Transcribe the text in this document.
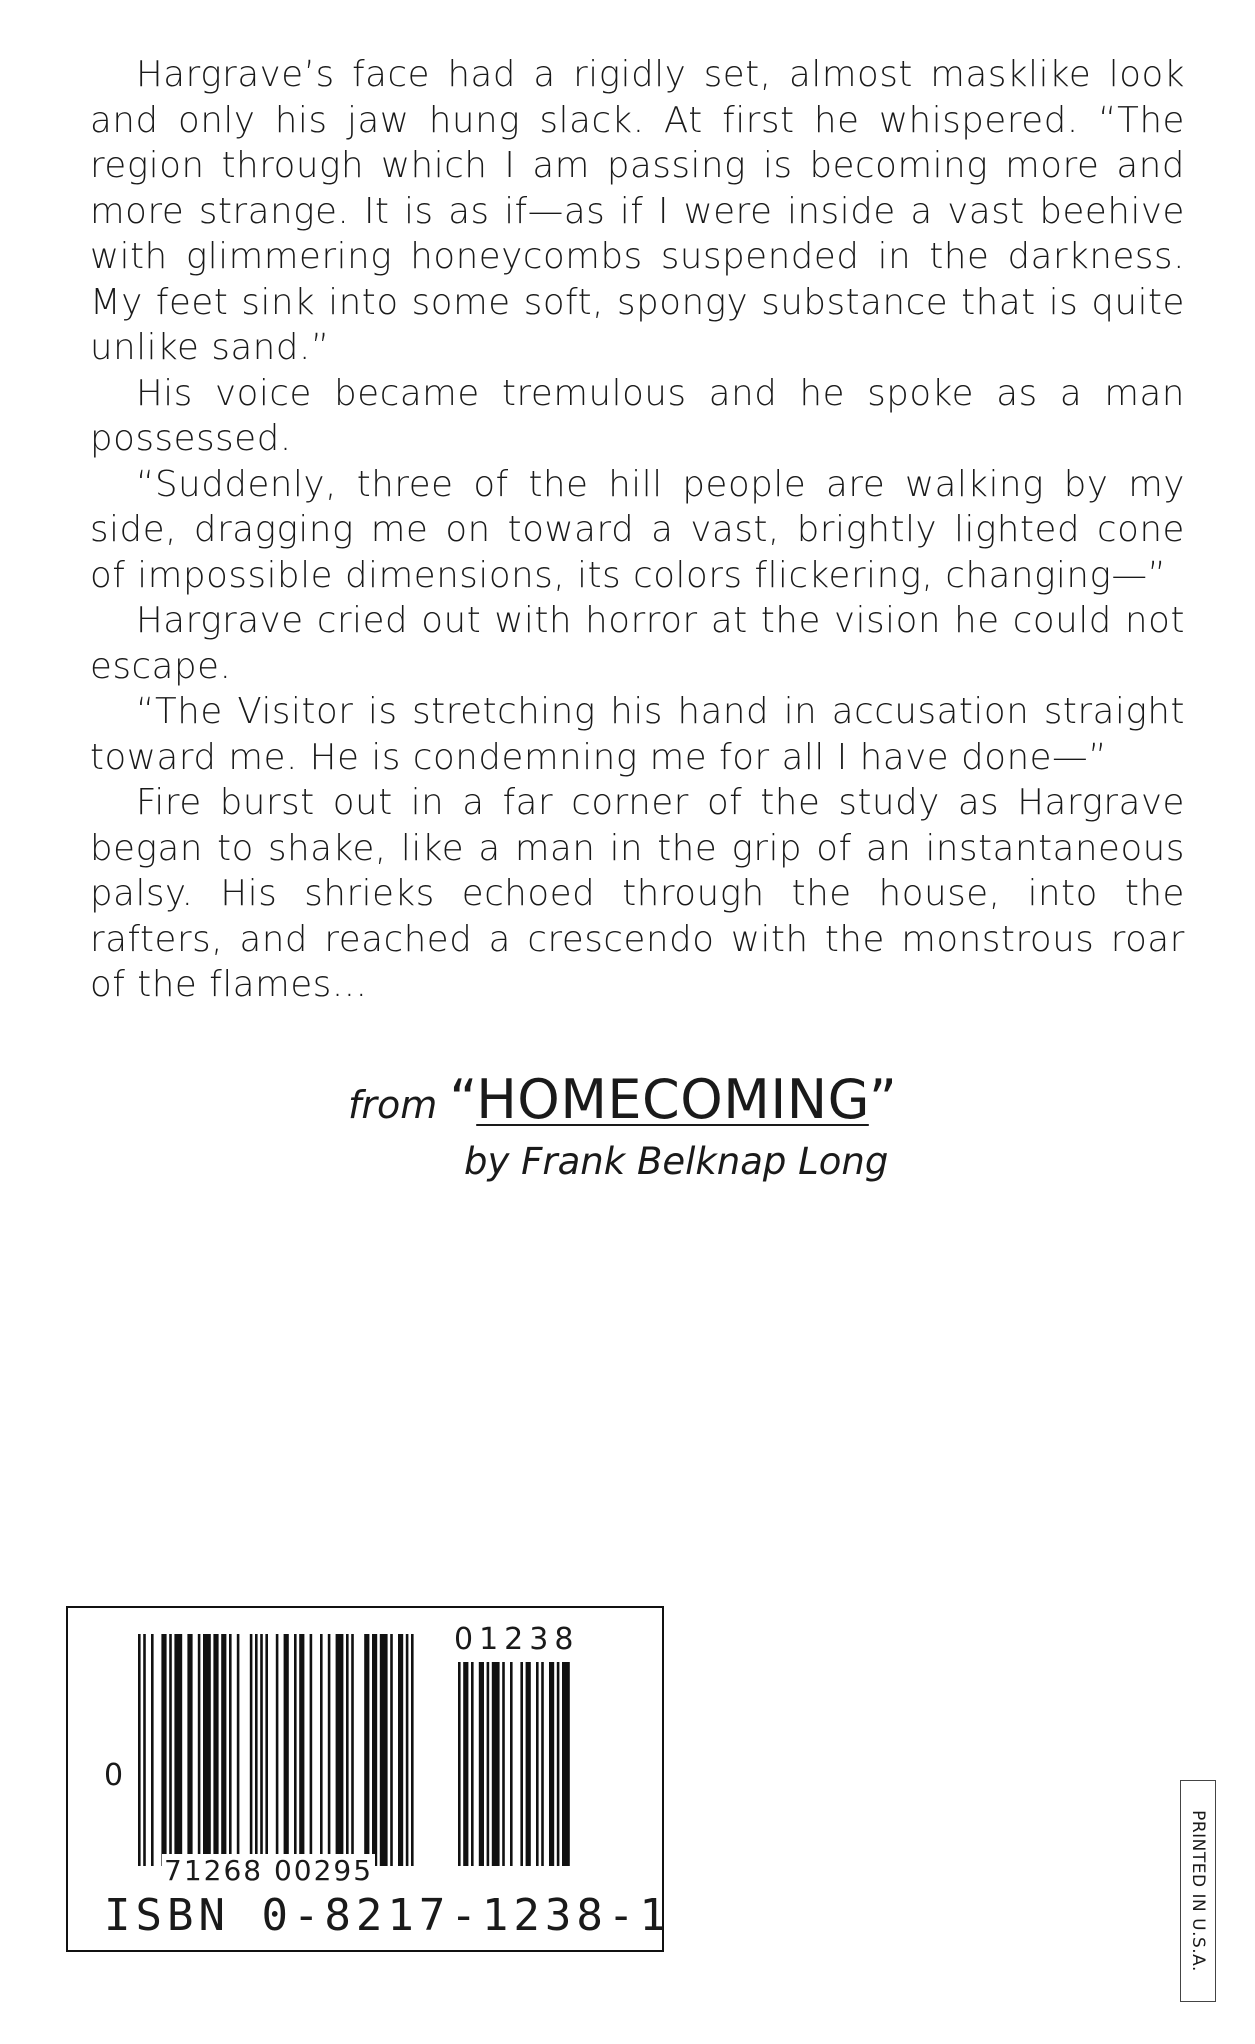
Hargrave’s face had a rigidly set, almost masklike look and only his jaw hung slack. At first he whispered. “The region through which I am passing is becoming more and more strange. It is as if—as if I were inside a vast beehive with glimmering honeycombs suspended in the darkness. My feet sink into some soft, spongy substance that is quite unlike sand.”

His voice became tremulous and he spoke as a man possessed.

“Suddenly, three of the hill people are walking by my side, dragging me on toward a vast, brightly lighted cone of impossible dimensions, its colors flickering, changing—”

Hargrave cried out with horror at the vision he could not escape.

“The Visitor is stretching his hand in accusation straight toward me. He is condemning me for all I have done—”

Fire burst out in a far corner of the study as Hargrave began to shake, like a man in the grip of an instantaneous palsy. His shrieks echoed through the house, into the rafters, and reached a crescendo with the monstrous roar of the flames...

from “HOMECOMING”
by Frank Belknap Long
0
01238
71268 00295
ISBN 0-8217-1238-1	PRINTED IN U.S.A.
